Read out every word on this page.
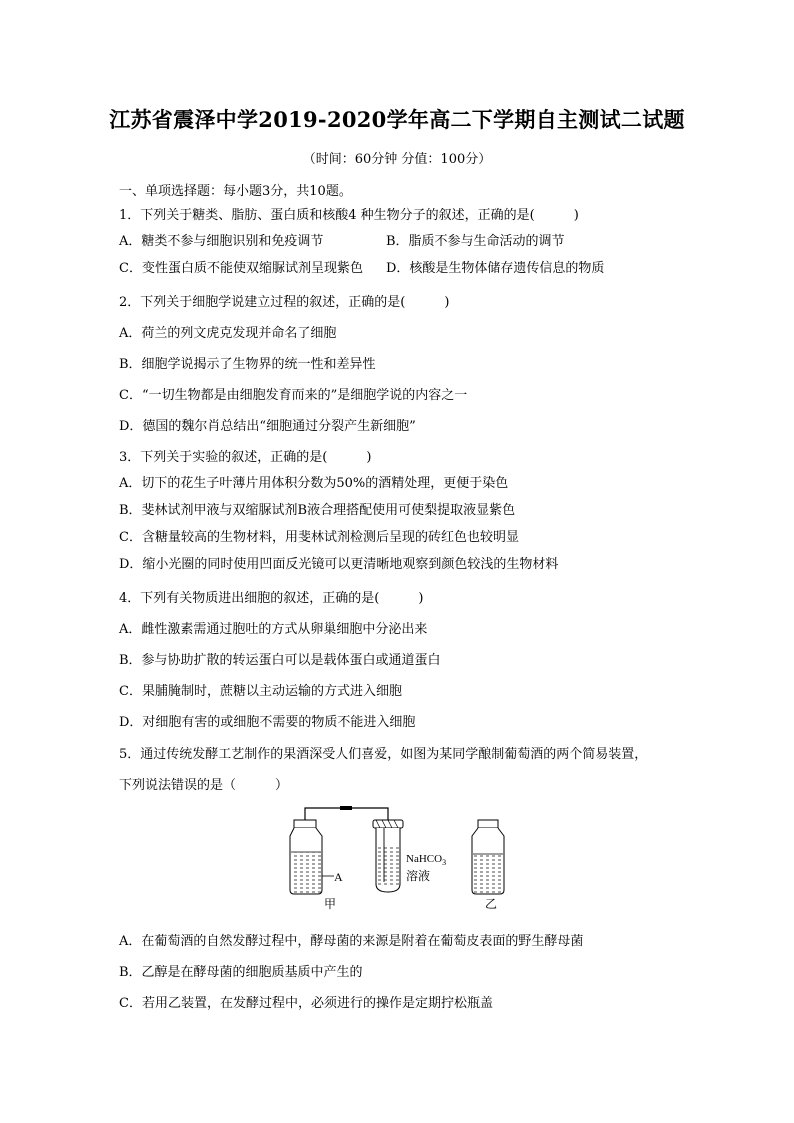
江苏省震泽中学2019-2020学年高二下学期自主测试二试题
（时间：60分钟 分值：100分）
一、单项选择题：每小题3分，共10题。
1．下列关于糖类、脂肪、蛋白质和核酸4 种生物分子的叙述，正确的是(　　　)
A．糖类不参与细胞识别和免疫调节	B．脂质不参与生命活动的调节
C．变性蛋白质不能使双缩脲试剂呈现紫色 D．核酸是生物体储存遗传信息的物质
2．下列关于细胞学说建立过程的叙述，正确的是(　　　)
A．荷兰的列文虎克发现并命名了细胞
B．细胞学说揭示了生物界的统一性和差异性
C．“一切生物都是由细胞发育而来的”是细胞学说的内容之一
D．德国的魏尔肖总结出“细胞通过分裂产生新细胞”
3．下列关于实验的叙述，正确的是(　　　)
A．切下的花生子叶薄片用体积分数为50%的酒精处理，更便于染色
B．斐林试剂甲液与双缩脲试剂B液合理搭配使用可使梨提取液显紫色
C．含糖量较高的生物材料，用斐林试剂检测后呈现的砖红色也较明显
D．缩小光圈的同时使用凹面反光镜可以更清晰地观察到颜色较浅的生物材料
4．下列有关物质进出细胞的叙述，正确的是(　　　)
A．雌性激素需通过胞吐的方式从卵巢细胞中分泌出来
B．参与协助扩散的转运蛋白可以是载体蛋白或通道蛋白
C．果脯腌制时，蔗糖以主动运输的方式进入细胞
D．对细胞有害的或细胞不需要的物质不能进入细胞
5．通过传统发酵工艺制作的果酒深受人们喜爱，如图为某同学酿制葡萄酒的两个简易装置，
下列说法错误的是（　　　）
A
NaHCO$_3$
溶液
甲	乙
A．在葡萄酒的自然发酵过程中，酵母菌的来源是附着在葡萄皮表面的野生酵母菌
B．乙醇是在酵母菌的细胞质基质中产生的
C．若用乙装置，在发酵过程中，必须进行的操作是定期拧松瓶盖
